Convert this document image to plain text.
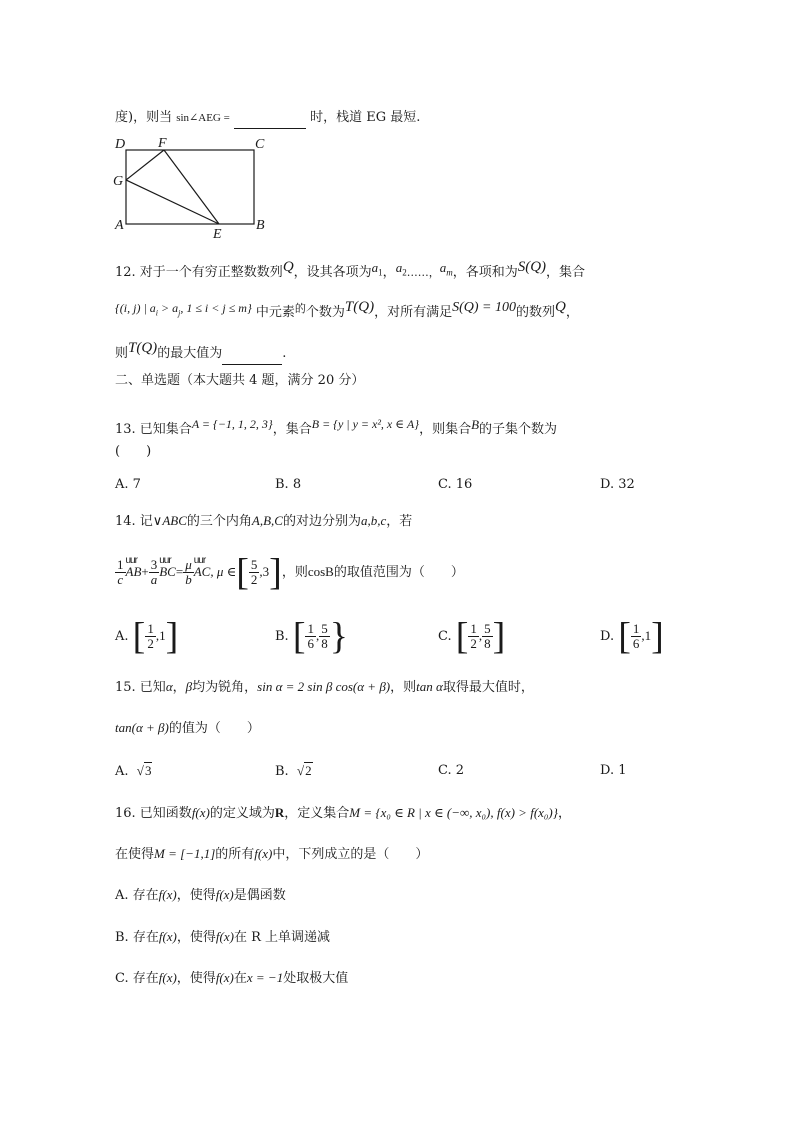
度)，则当 sin∠AEG =	时，栈道 EG 最短.
D F	C
G
A
E
B
12. 对于一个有穷正整数数列Q，设其各项为$a_1$，$a_2\dots\dots$，$a_m$，各项和为S(Q)，集合
{(i, j) | $a_i > a_j$, 1 ≤ i < j ≤ m} 中元素$^的$个数为T(Q)，对所有满足S(Q) = 100的数列Q，
则T(Q)的最大值为	.
二、单选题（本大题共 4 题，满分 20 分）
13. 已知集合A = {−1, 1, 2, 3}，集合B = {y | y = x², x ∈ A}，则集合B的子集个数为
(　　)
A. 7	B. 8	C. 16	D. 32
14. 记∨ABC的三个内角A,B,C的对边分别为a,b,c，若
$\frac{1}{c}$ uur $AB+ \frac{3}{a}$ uur $BC= \frac{\mu}{b}$ uur AC, μ ∈[ $\frac{5}{2} ,3$]，则cosB的取值范围为（　　）
A. [ $\frac{1}{2} ,1$]	B. [ $\frac{1}{6}$ , $\frac{5}{8}$ }	C. [ $\frac{1}{2}$ , $\frac{5}{8}$ ]	D. [ $\frac{1}{6} ,1$]
15. 已知α，β均为锐角，sin α = 2 sin β cos(α + β)，则tan α取得最大值时，
tan(α + β)的值为（　　）
A. √3	B. √2	C. 2	D. 1
16. 已知函数f(x)的定义域为R，定义集合M = {x₀ ∈ R | x ∈ (−∞, x₀), f(x) > f(x₀)}，
在使得M = [−1,1]的所有f(x)中，下列成立的是（　　）
A. 存在f(x)，使得f(x)是偶函数
B. 存在f(x)，使得f(x)在 R 上单调递减
C. 存在f(x)，使得f(x)在x = −1处取极大值
